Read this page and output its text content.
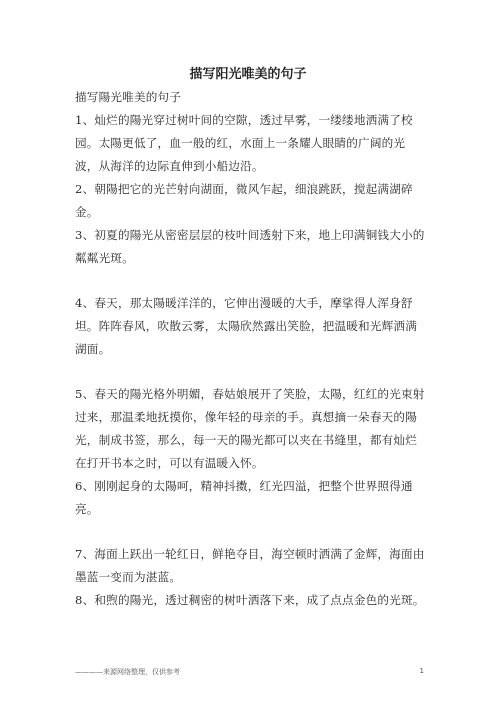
描写阳光唯美的句子

描写陽光唯美的句子

1、灿烂的陽光穿过树叶间的空隙，透过早雾，一缕缕地洒满了校园。太陽更低了，血一般的红，水面上一条耀人眼睛的广阔的光波，从海洋的边际直伸到小船边沿。

2、朝陽把它的光芒射向湖面，微风乍起，细浪跳跃，搅起满湖碎金。

3、初夏的陽光从密密层层的枝叶间透射下来，地上印满铜钱大小的粼粼光斑。

4、春天，那太陽暖洋洋的，它伸出漫暖的大手，摩挲得人浑身舒坦。阵阵春风，吹散云雾，太陽欣然露出笑脸，把温暖和光辉洒满湖面。

5、春天的陽光格外明媚，春姑娘展开了笑脸，太陽，红红的光束射过来，那温柔地抚摸你，像年轻的母亲的手。真想摘一朵春天的陽光，制成书签，那么，每一天的陽光都可以夹在书缝里，都有灿烂在打开书本之时，可以有温暖入怀。

6、刚刚起身的太陽呵，精神抖擞，红光四溢，把整个世界照得通亮。

7、海面上跃出一轮红日，鲜艳夺目，海空顿时洒满了金辉，海面由墨蓝一变而为湛蓝。

8、和煦的陽光，透过稠密的树叶洒落下来，成了点点金色的光斑。

————来源网络整理，仅供参考	1
